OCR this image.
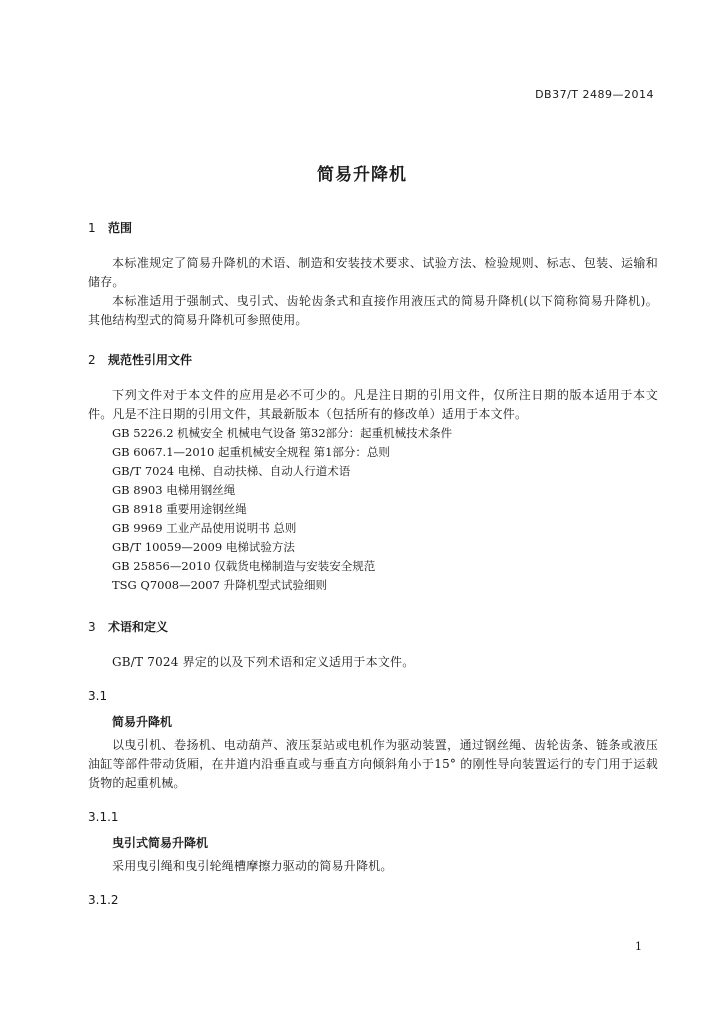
DB37/T 2489—2014
简易升降机
1	范围

本标准规定了简易升降机的术语、制造和安装技术要求、试验方法、检验规则、标志、包装、运输和储存。

本标准适用于强制式、曳引式、齿轮齿条式和直接作用液压式的简易升降机(以下简称简易升降机)。其他结构型式的简易升降机可参照使用。

2	规范性引用文件

下列文件对于本文件的应用是必不可少的。凡是注日期的引用文件，仅所注日期的版本适用于本文件。凡是不注日期的引用文件，其最新版本（包括所有的修改单）适用于本文件。

GB 5226.2 机械安全 机械电气设备 第32部分：起重机械技术条件
GB 6067.1—2010 起重机械安全规程 第1部分：总则
GB/T 7024 电梯、自动扶梯、自动人行道术语
GB 8903 电梯用钢丝绳
GB 8918 重要用途钢丝绳
GB 9969 工业产品使用说明书 总则
GB/T 10059—2009 电梯试验方法
GB 25856—2010 仅载货电梯制造与安装安全规范
TSG Q7008—2007 升降机型式试验细则
3	术语和定义

GB/T 7024 界定的以及下列术语和定义适用于本文件。

3.1
简易升降机

以曳引机、卷扬机、电动葫芦、液压泵站或电机作为驱动装置，通过钢丝绳、齿轮齿条、链条或液压油缸等部件带动货厢，在井道内沿垂直或与垂直方向倾斜角小于15° 的刚性导向装置运行的专门用于运载货物的起重机械。

3.1.1
曳引式简易升降机

采用曳引绳和曳引轮绳槽摩擦力驱动的简易升降机。

3.1.2
1
